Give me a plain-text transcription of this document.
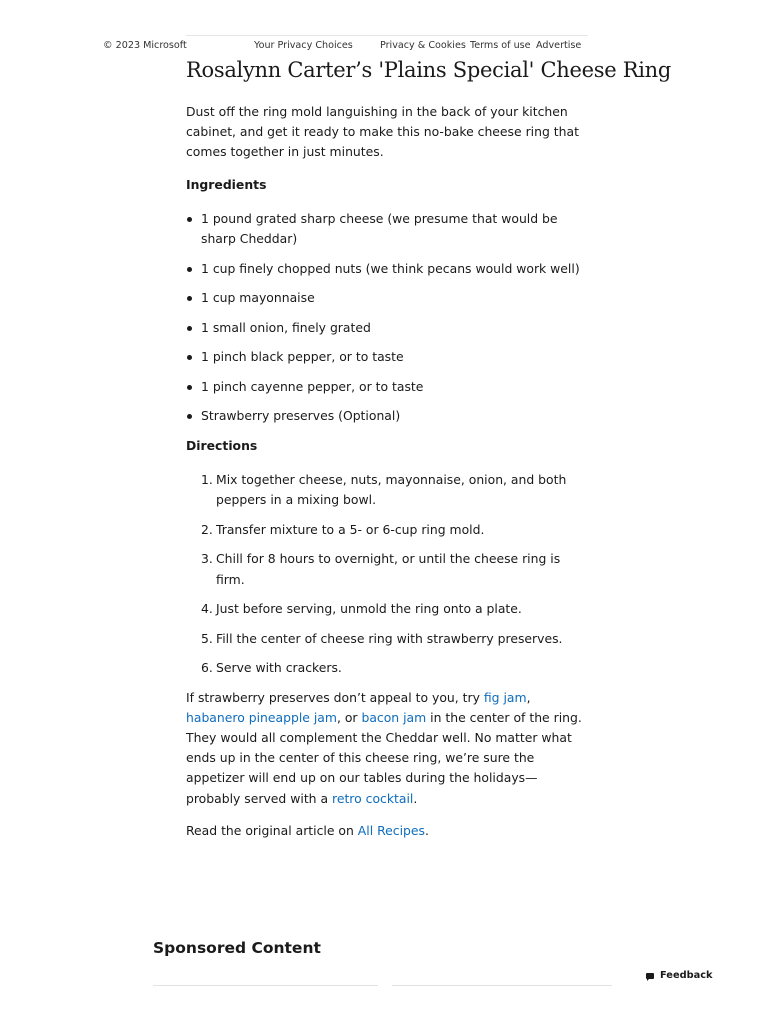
© 2023 Microsoft	Your Privacy Choices	Privacy & Cookies Terms of use Advertise
Rosalynn Carter’s 'Plains Special' Cheese Ring

Dust off the ring mold languishing in the back of your kitchen cabinet, and get it ready to make this no-bake cheese ring that comes together in just minutes.

Ingredients

1 pound grated sharp cheese (we presume that would be sharp Cheddar)
1 cup finely chopped nuts (we think pecans would work well)
1 cup mayonnaise
1 small onion, finely grated
1 pinch black pepper, or to taste
1 pinch cayenne pepper, or to taste
Strawberry preserves (Optional)

Directions

1. Mix together cheese, nuts, mayonnaise, onion, and both peppers in a mixing bowl.
2. Transfer mixture to a 5- or 6-cup ring mold.
3. Chill for 8 hours to overnight, or until the cheese ring is firm.
4. Just before serving, unmold the ring onto a plate.
5. Fill the center of cheese ring with strawberry preserves.
6. Serve with crackers.

If strawberry preserves don’t appeal to you, try fig jam, habanero pineapple jam, or bacon jam in the center of the ring. They would all complement the Cheddar well. No matter what ends up in the center of this cheese ring, we’re sure the appetizer will end up on our tables during the holidays—probably served with a retro cocktail.

Read the original article on All Recipes.

Sponsored Content
Feedback
